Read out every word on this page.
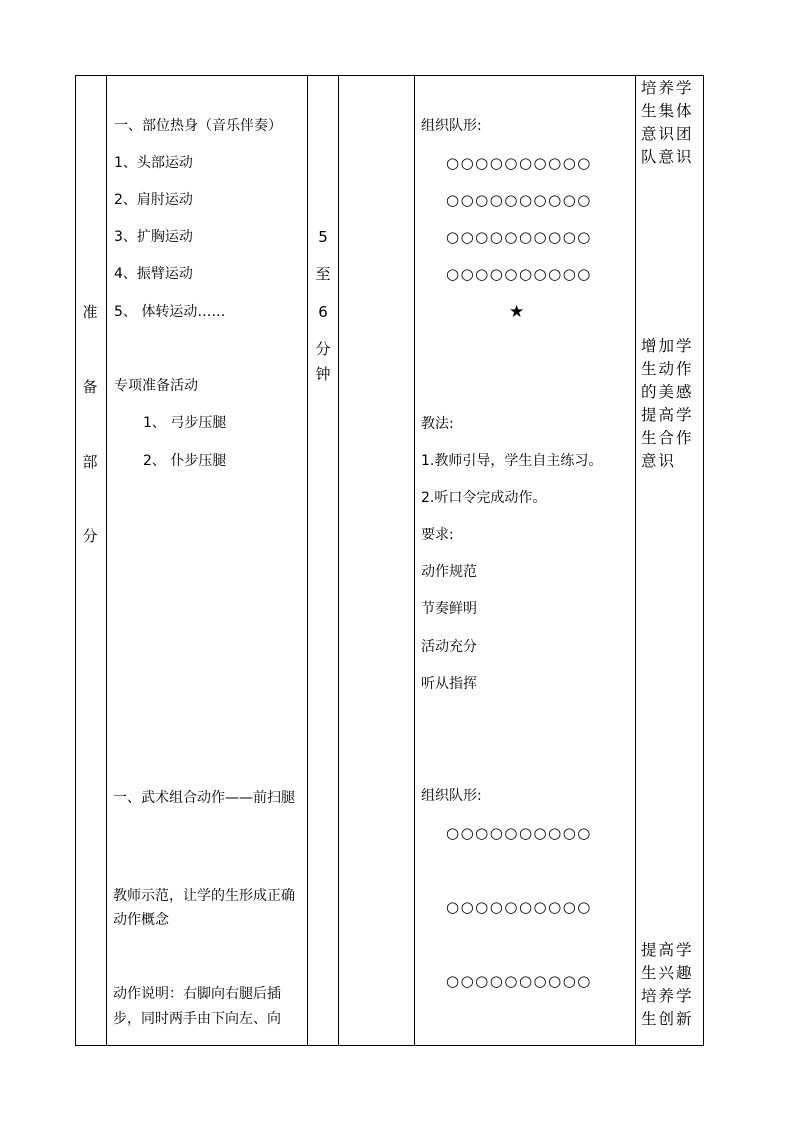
准
备
部
分
一、部位热身（音乐伴奏）
1、头部运动
2、肩肘运动
3、扩胸运动
4、振臂运动
5、 体转运动……
专项准备活动
1、 弓步压腿
2、 仆步压腿
一、武术组合动作——前扫腿
教师示范，让学的生形成正确动作概念
动作说明：右脚向右腿后插步，同时两手由下向左、向
5
至
6
分
钟
组织队形:
○○○○○○○○○○
○○○○○○○○○○
○○○○○○○○○○
○○○○○○○○○○
★
教法:
1.教师引导，学生自主练习。
2.听口令完成动作。
要求:
动作规范
节奏鲜明
活动充分
听从指挥
组织队形:
○○○○○○○○○○
○○○○○○○○○○
○○○○○○○○○○
培养学生集体意识团队意识
增加学生动作的美感提高学生合作意识
提高学生兴趣培养学生创新
